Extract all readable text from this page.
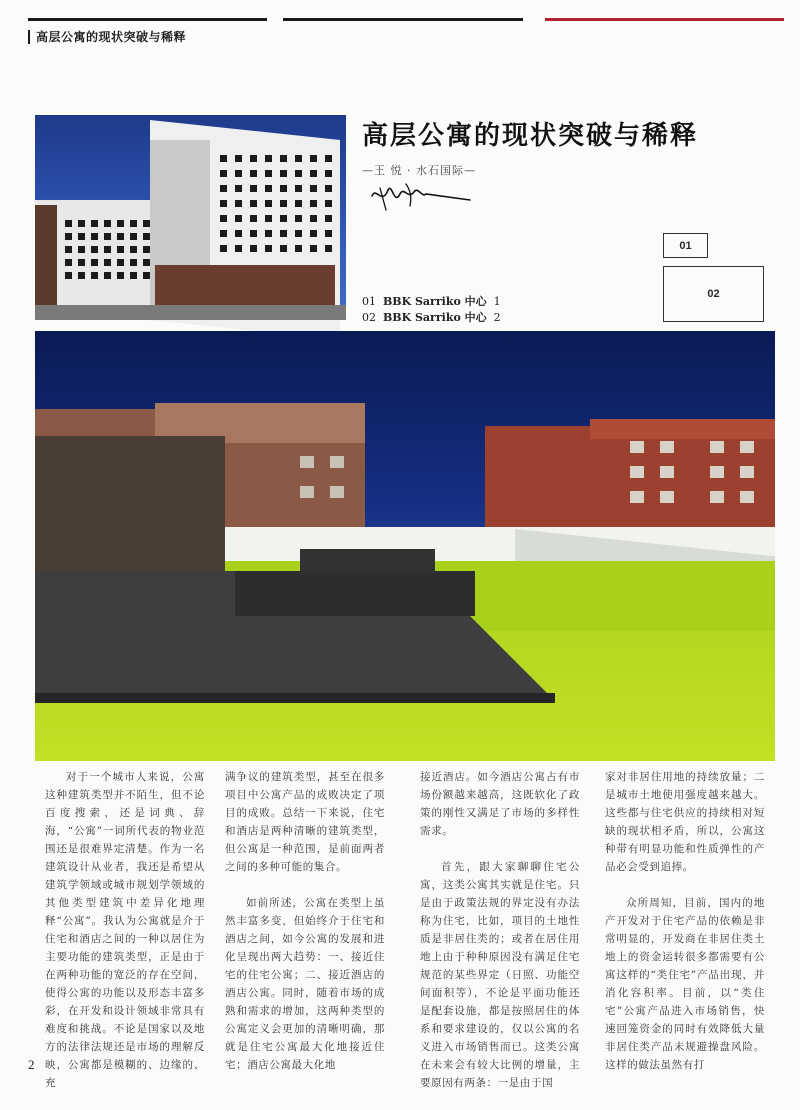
高层公寓的现状突破与稀释
高层公寓的现状突破与稀释
—王 悦 · 水石国际—
01
02
01 BBK Sarriko 中心 1
02 BBK Sarriko 中心 2

对于一个城市人来说，公寓这种建筑类型并不陌生，但不论百度搜索，还是词典、辞海，“公寓”一词所代表的物业范围还是很难界定清楚。作为一名建筑设计从业者，我还是希望从建筑学领域或城市规划学领域的其他类型建筑中差异化地理释“公寓”。我认为公寓就是介于住宅和酒店之间的一种以居住为主要功能的建筑类型，正是由于在两种功能的宽泛的存在空间，使得公寓的功能以及形态丰富多彩，在开发和设计领域非常具有难度和挑战。不论是国家以及地方的法律法规还是市场的理解反映，公寓都是模糊的、边缘的、充

满争议的建筑类型，甚至在很多项目中公寓产品的成败决定了项目的成败。总结一下来说，住宅和酒店是两种清晰的建筑类型，但公寓是一种范围，是前面两者之间的多种可能的集合。

如前所述，公寓在类型上虽然丰富多变，但始终介于住宅和酒店之间，如今公寓的发展和进化呈现出两大趋势：一、接近住宅的住宅公寓；二、接近酒店的酒店公寓。同时，随着市场的成熟和需求的增加，这两种类型的公寓定义会更加的清晰明确，那就是住宅公寓最大化地接近住宅；酒店公寓最大化地

接近酒店。如今酒店公寓占有市场份额越来越高，这既软化了政策的刚性又满足了市场的多样性需求。

首先，跟大家聊聊住宅公寓，这类公寓其实就是住宅。只是由于政策法规的界定没有办法称为住宅，比如，项目的土地性质是非居住类的；或者在居住用地上由于种种原因没有满足住宅规范的某些界定（日照、功能空间面积等），不论是平面功能还是配套设施，都是按照居住的体系和要求建设的，仅以公寓的名义进入市场销售而已。这类公寓在未来会有较大比例的增量，主要原因有两条：一是由于国

家对非居住用地的持续放量；二是城市土地使用强度越来越大。这些都与住宅供应的持续相对短缺的现状相矛盾，所以，公寓这种带有明显功能和性质弹性的产品必会受到追捧。

众所周知，目前，国内的地产开发对于住宅产品的依赖是非常明显的，开发商在非居住类土地上的资金运转很多都需要有公寓这样的“类住宅”产品出现，并消化容积率。目前，以“类住宅”公寓产品进入市场销售，快速回笼资金的同时有效降低大量非居住类产品未规避操盘风险。这样的做法虽然有打

2
